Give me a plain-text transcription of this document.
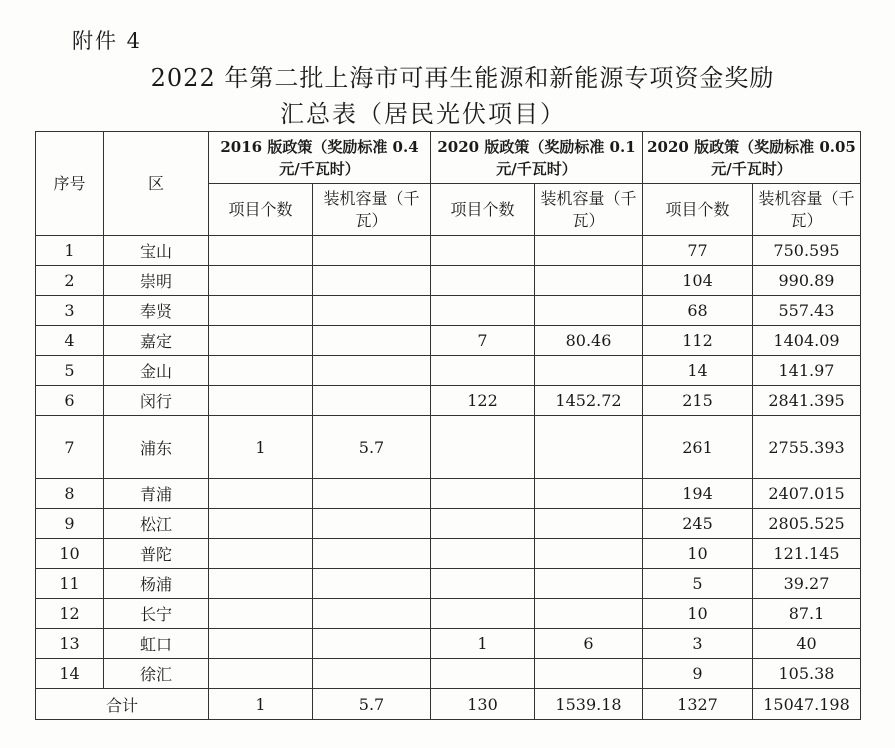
附件 4
2022 年第二批上海市可再生能源和新能源专项资金奖励
汇总表（居民光伏项目）
序号	区	2016 版政策（奖励标准 0.4 元/千瓦时）		2020 版政策（奖励标准 0.1 元/千瓦时）		2020 版政策（奖励标准 0.05 元/千瓦时）	
		项目个数	装机容量（千瓦）	项目个数	装机容量（千瓦）	项目个数	装机容量（千瓦）
1	宝山					77	750.595
2	崇明					104	990.89
3	奉贤					68	557.43
4	嘉定			7	80.46	112	1404.09
5	金山					14	141.97
6	闵行			122	1452.72	215	2841.395
7	浦东	1	5.7			261	2755.393
8	青浦					194	2407.015
9	松江					245	2805.525
10	普陀					10	121.145
11	杨浦					5	39.27
12	长宁					10	87.1
13	虹口			1	6	3	40
14	徐汇					9	105.38
合计		1	5.7	130	1539.18	1327	15047.198
